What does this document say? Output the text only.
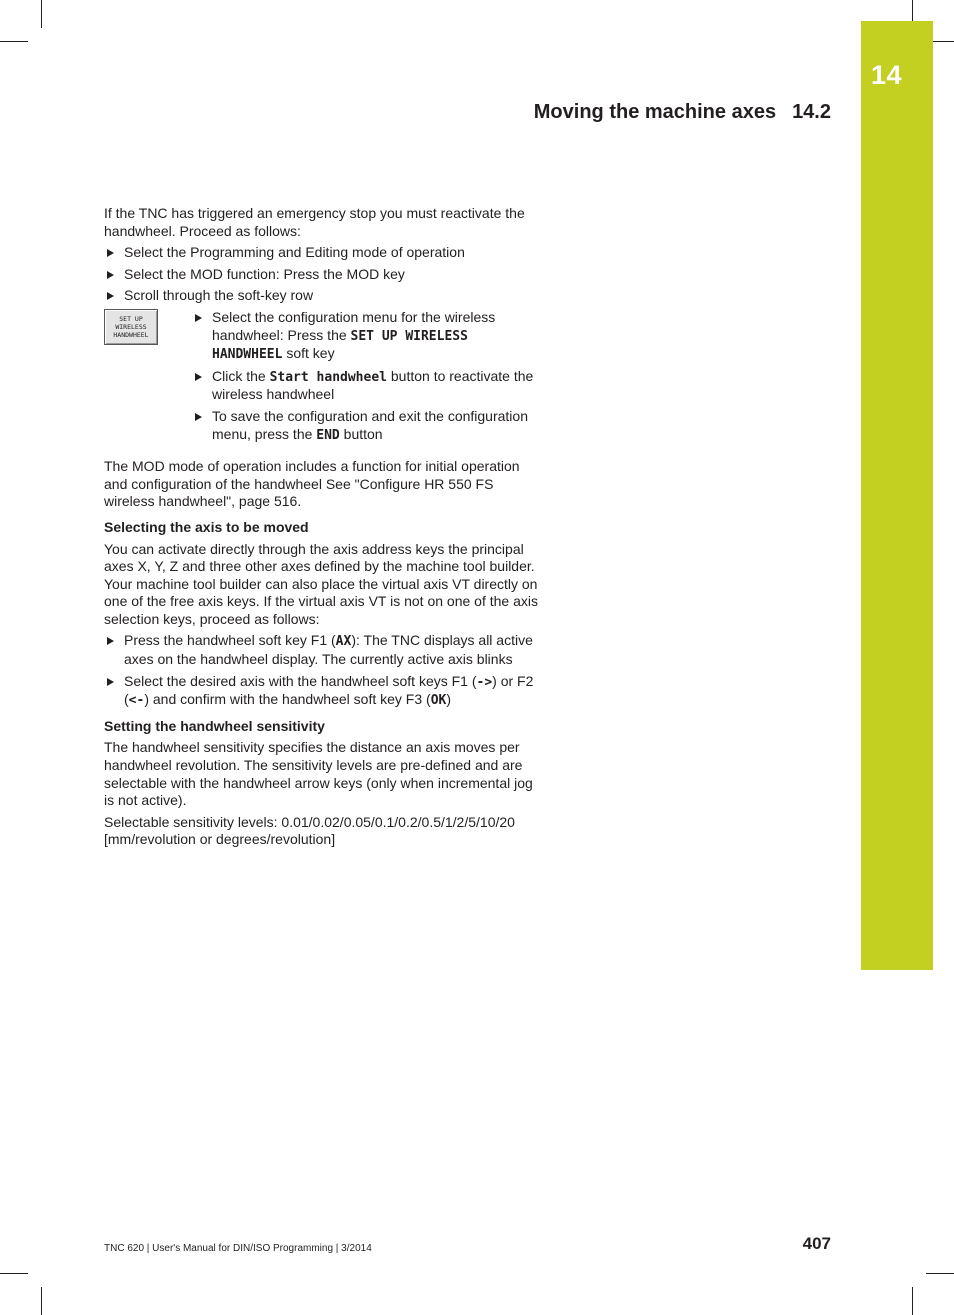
14
Moving the machine axes 14.2

If the TNC has triggered an emergency stop you must reactivate the handwheel. Proceed as follows:

Select the Programming and Editing mode of operation
Select the MOD function: Press the MOD key
Scroll through the soft-key row
SET UP
WIRELESS
HANDWHEEL
Select the configuration menu for the wireless handwheel: Press the SET UP WIRELESS HANDWHEEL soft key
Click the Start handwheel button to reactivate the wireless handwheel
To save the configuration and exit the configuration menu, press the END button

The MOD mode of operation includes a function for initial operation and configuration of the handwheel See "Configure HR 550 FS wireless handwheel", page 516.

Selecting the axis to be moved

You can activate directly through the axis address keys the principal axes X, Y, Z and three other axes defined by the machine tool builder. Your machine tool builder can also place the virtual axis VT directly on one of the free axis keys. If the virtual axis VT is not on one of the axis selection keys, proceed as follows:

Press the handwheel soft key F1 (AX): The TNC displays all active axes on the handwheel display. The currently active axis blinks
Select the desired axis with the handwheel soft keys F1 (->) or F2 (<-) and confirm with the handwheel soft key F3 (OK)
Setting the handwheel sensitivity

The handwheel sensitivity specifies the distance an axis moves per handwheel revolution. The sensitivity levels are pre-defined and are selectable with the handwheel arrow keys (only when incremental jog is not active).

Selectable sensitivity levels: 0.01/0.02/0.05/0.1/0.2/0.5/1/2/5/10/20 [mm/revolution or degrees/revolution]

TNC 620 | User's Manual for DIN/ISO Programming | 3/2014	407
